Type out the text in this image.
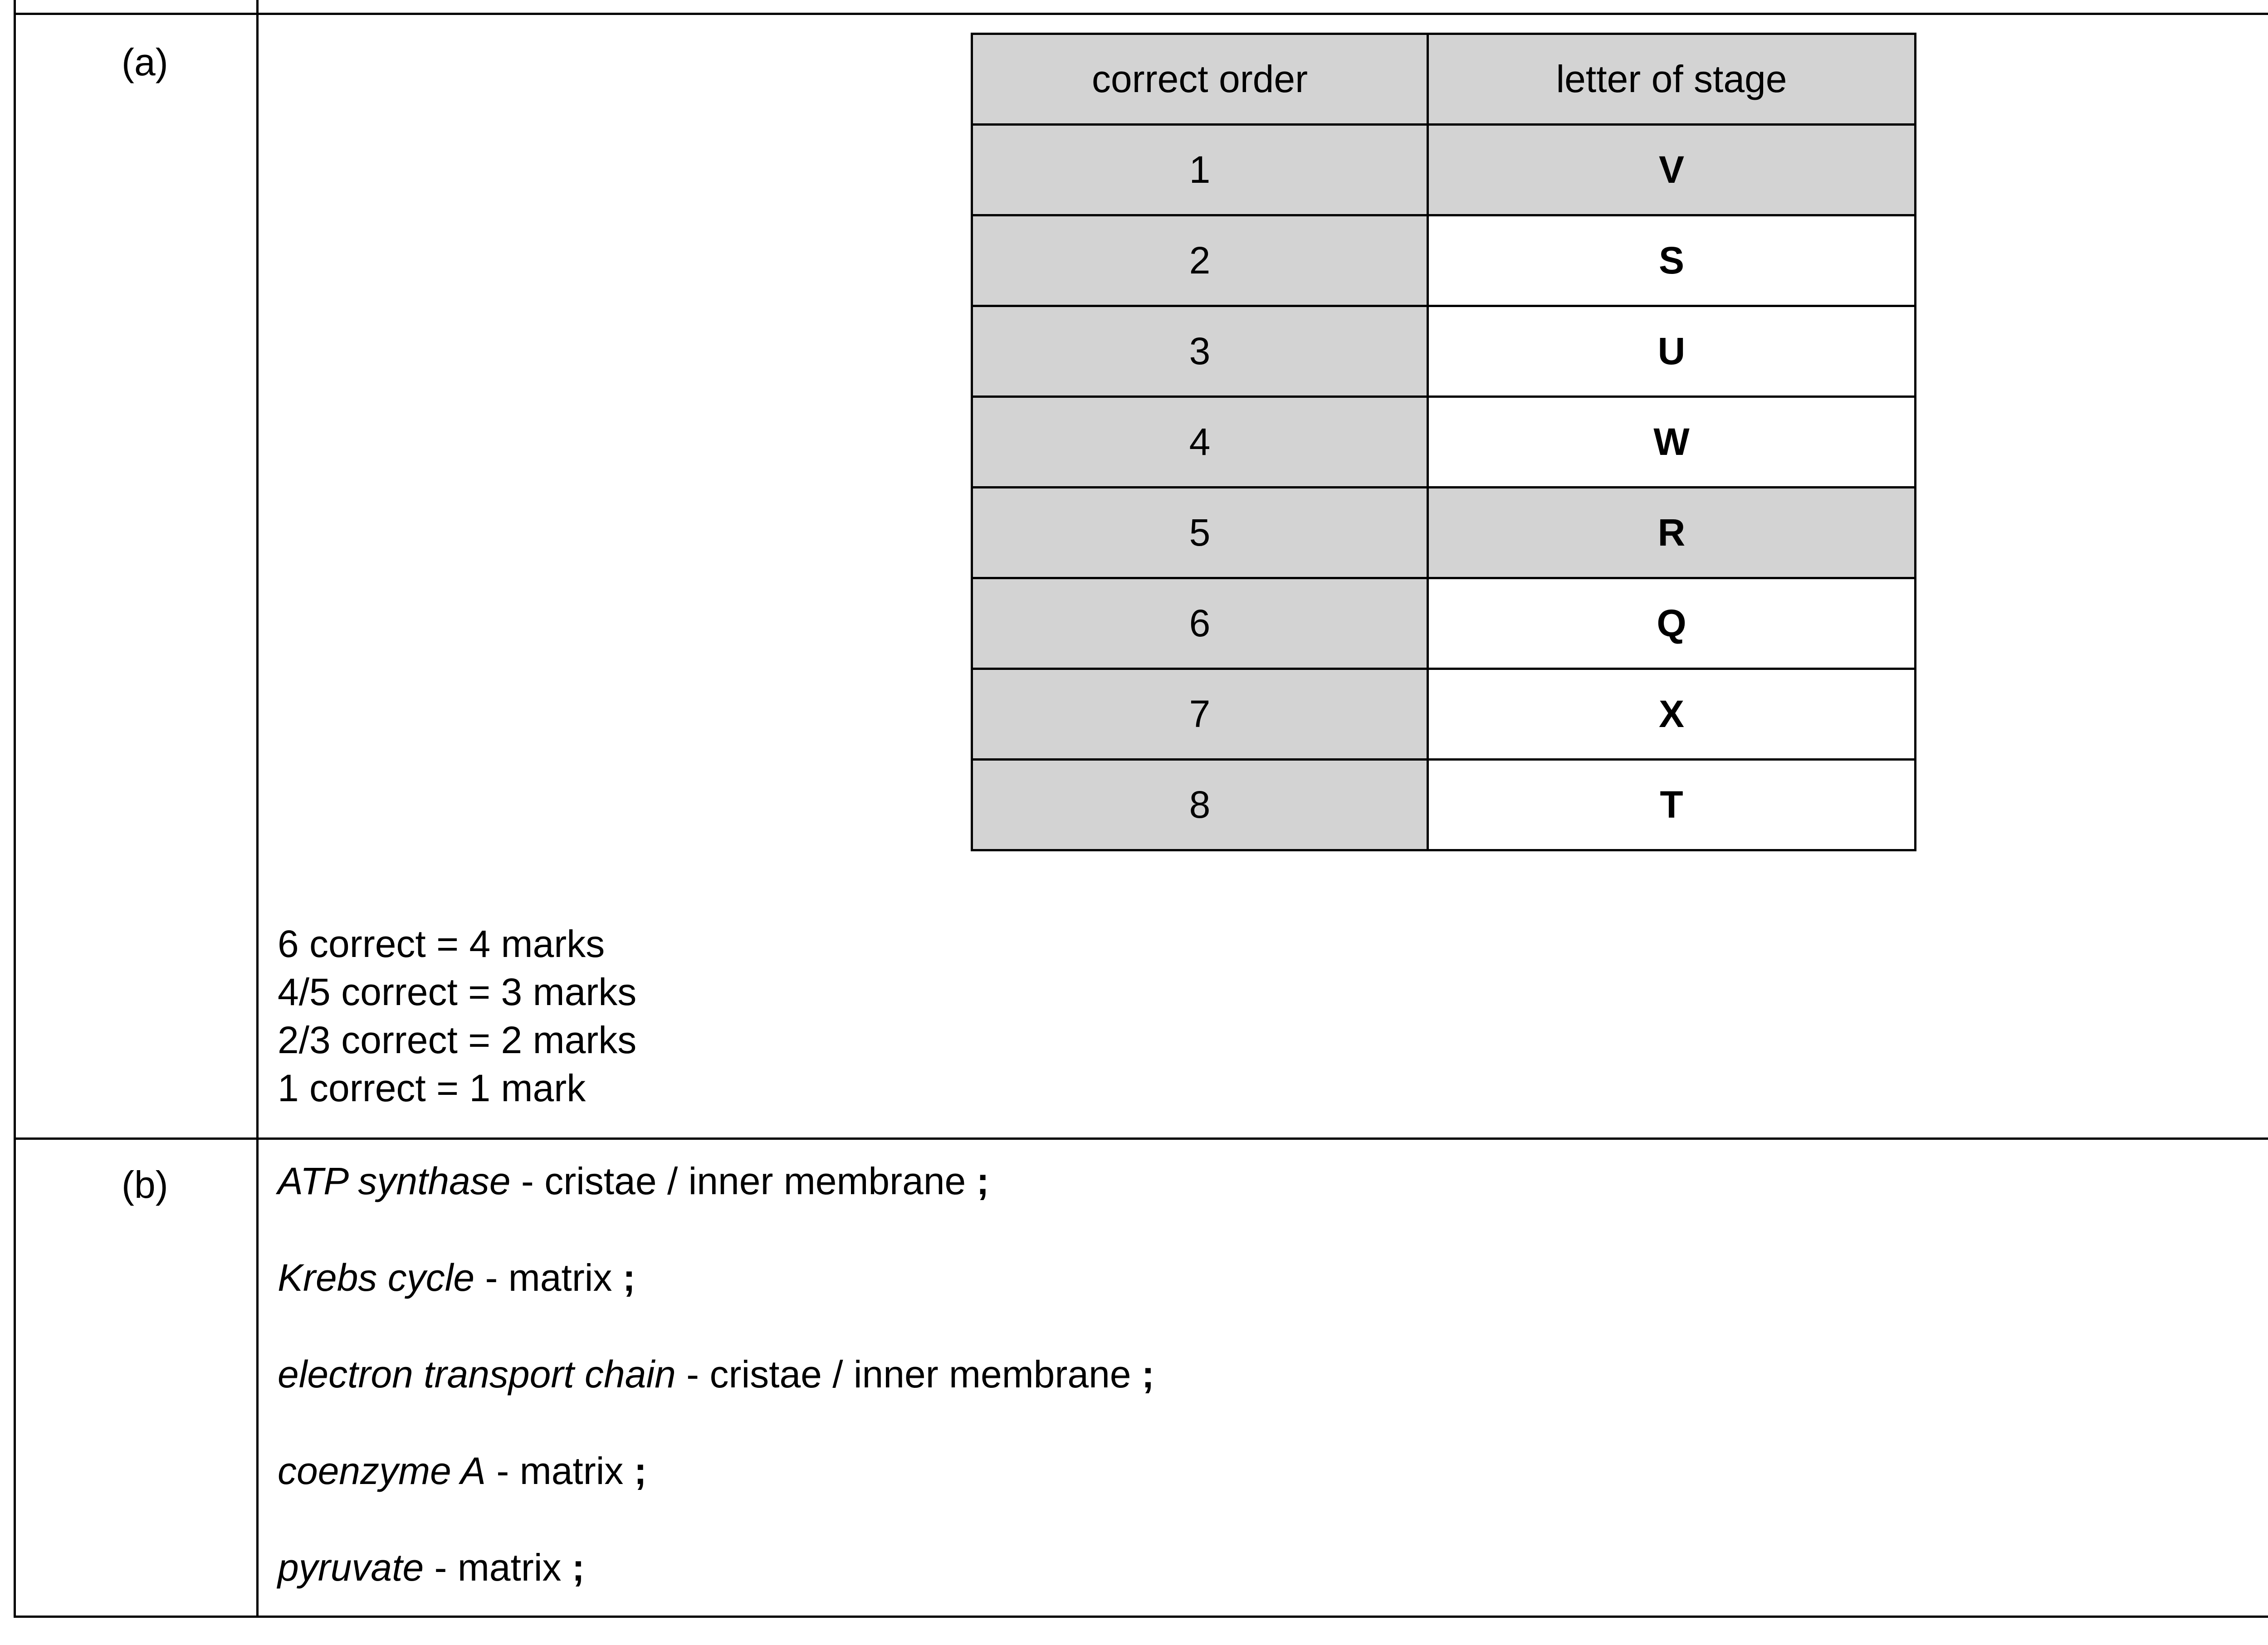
(a)	correct order	letter of stage
1	V
2	S
3	U
4	W
5	R
6	Q
7	X
8	T
6 correct = 4 marks
4/5 correct = 3 marks
2/3 correct = 2 marks
1 correct = 1 mark
(b)	ATP synthase - cristae / inner membrane ;
Krebs cycle - matrix ;
electron transport chain - cristae / inner membrane ;
coenzyme A - matrix ;
pyruvate - matrix ;
